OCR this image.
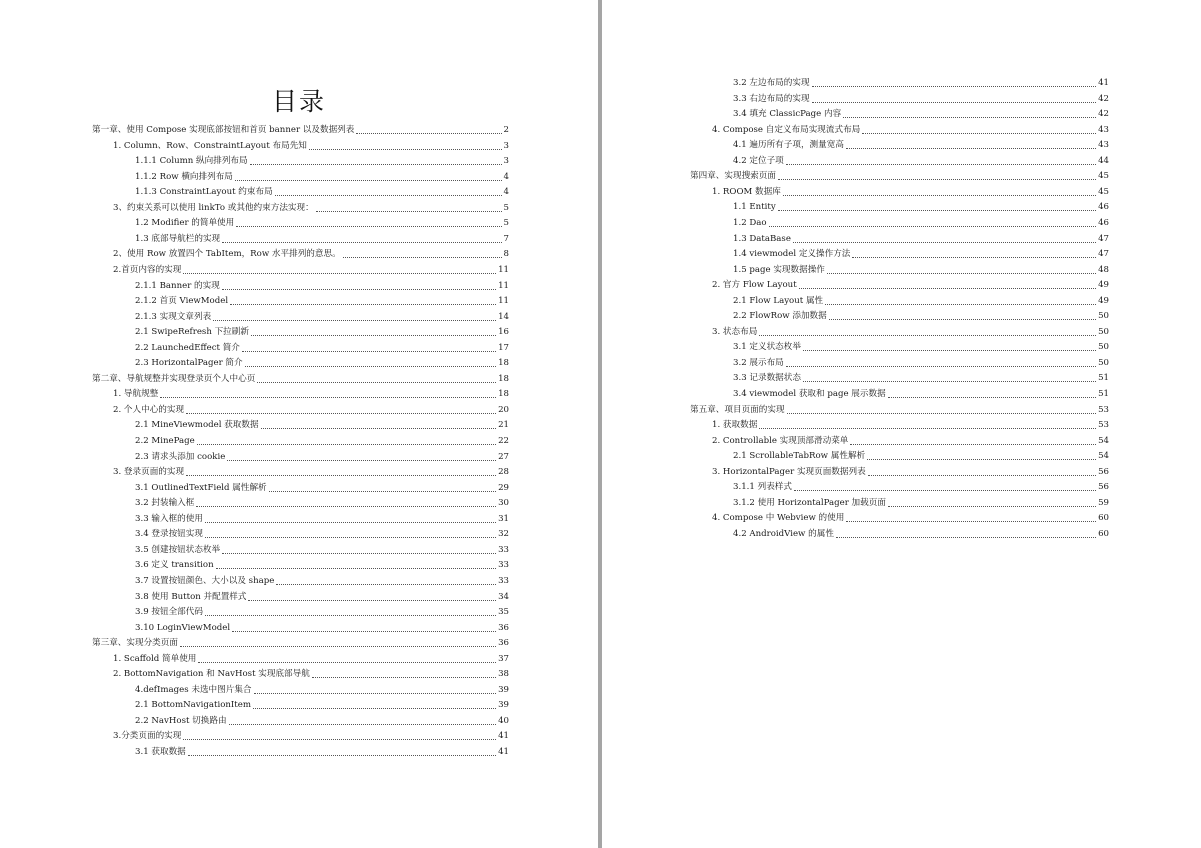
目录
第一章、使用 Compose 实现底部按钮和首页 banner 以及数据列表	2
1. Column、Row、ConstraintLayout 布局先知	3
1.1.1 Column 纵向排列布局	3
1.1.2 Row 横向排列布局	4
1.1.3 ConstraintLayout 约束布局	4
3、约束关系可以使用 linkTo 或其他约束方法实现：	5
1.2 Modifier 的简单使用	5
1.3 底部导航栏的实现	7
2、使用 Row 放置四个 TabItem，Row 水平排列的意思。	8
2.首页内容的实现	11
2.1.1 Banner 的实现	11
2.1.2 首页 ViewModel	11
2.1.3 实现文章列表	14
2.1 SwipeRefresh 下拉刷新	16
2.2 LaunchedEffect 简介	17
2.3 HorizontalPager 简介	18
第二章、导航规整并实现登录页个人中心页	18
1. 导航规整	18
2. 个人中心的实现	20
2.1 MineViewmodel 获取数据	21
2.2 MinePage	22
2.3 请求头添加 cookie	27
3. 登录页面的实现	28
3.1 OutlinedTextField 属性解析	29
3.2 封装输入框	30
3.3 输入框的使用	31
3.4 登录按钮实现	32
3.5 创建按钮状态枚举	33
3.6 定义 transition	33
3.7 设置按钮颜色、大小以及 shape	33
3.8 使用 Button 并配置样式	34
3.9 按钮全部代码	35
3.10 LoginViewModel	36
第三章、实现分类页面	36
1. Scaffold 简单使用	37
2. BottomNavigation 和 NavHost 实现底部导航	38
4.defImages 未选中图片集合	39
2.1 BottomNavigationItem	39
2.2 NavHost 切换路由	40
3.分类页面的实现	41
3.1 获取数据	41
3.2 左边布局的实现	41
3.3 右边布局的实现	42
3.4 填充 ClassicPage 内容	42
4. Compose 自定义布局实现流式布局	43
4.1 遍历所有子项，测量宽高	43
4.2 定位子项	44
第四章、实现搜索页面	45
1. ROOM 数据库	45
1.1 Entity	46
1.2 Dao	46
1.3 DataBase	47
1.4 viewmodel 定义操作方法	47
1.5 page 实现数据操作	48
2. 官方 Flow Layout	49
2.1 Flow Layout 属性	49
2.2 FlowRow 添加数据	50
3. 状态布局	50
3.1 定义状态枚举	50
3.2 展示布局	50
3.3 记录数据状态	51
3.4 viewmodel 获取和 page 展示数据	51
第五章、项目页面的实现	53
1. 获取数据	53
2. Controllable 实现顶部滑动菜单	54
2.1 ScrollableTabRow 属性解析	54
3. HorizontalPager 实现页面数据列表	56
3.1.1 列表样式	56
3.1.2 使用 HorizontalPager 加载页面	59
4. Compose 中 Webview 的使用	60
4.2 AndroidView 的属性	60
